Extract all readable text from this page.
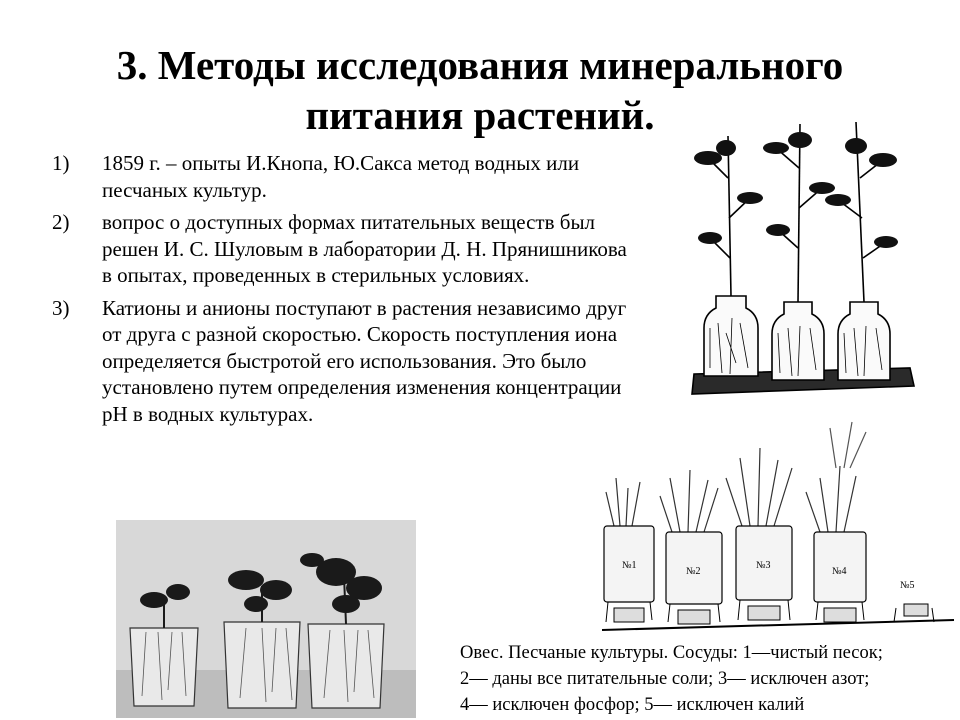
3. Методы исследования минерального
питания растений.
1) 1859 г. – опыты И.Кнопа, Ю.Сакса метод водных или песчаных культур.
2) вопрос о доступных формах питательных веществ был решен И. С. Шуловым в лаборатории Д. Н. Прянишникова в опытах, проведенных в стерильных условиях.
3) Катионы и анионы поступают в растения независимо друг от друга с разной скоростью. Скорость поступления иона определяется быстротой его использования. Это было установлено путем определения изменения концентрации pH в водных культурах.
№1
№2
№3
№4
№5
Овес. Песчаные культуры. Сосуды: 1—чистый песок;
2— даны все питательные соли; 3— исключен азот;
4— исключен фосфор; 5— исключен калий
